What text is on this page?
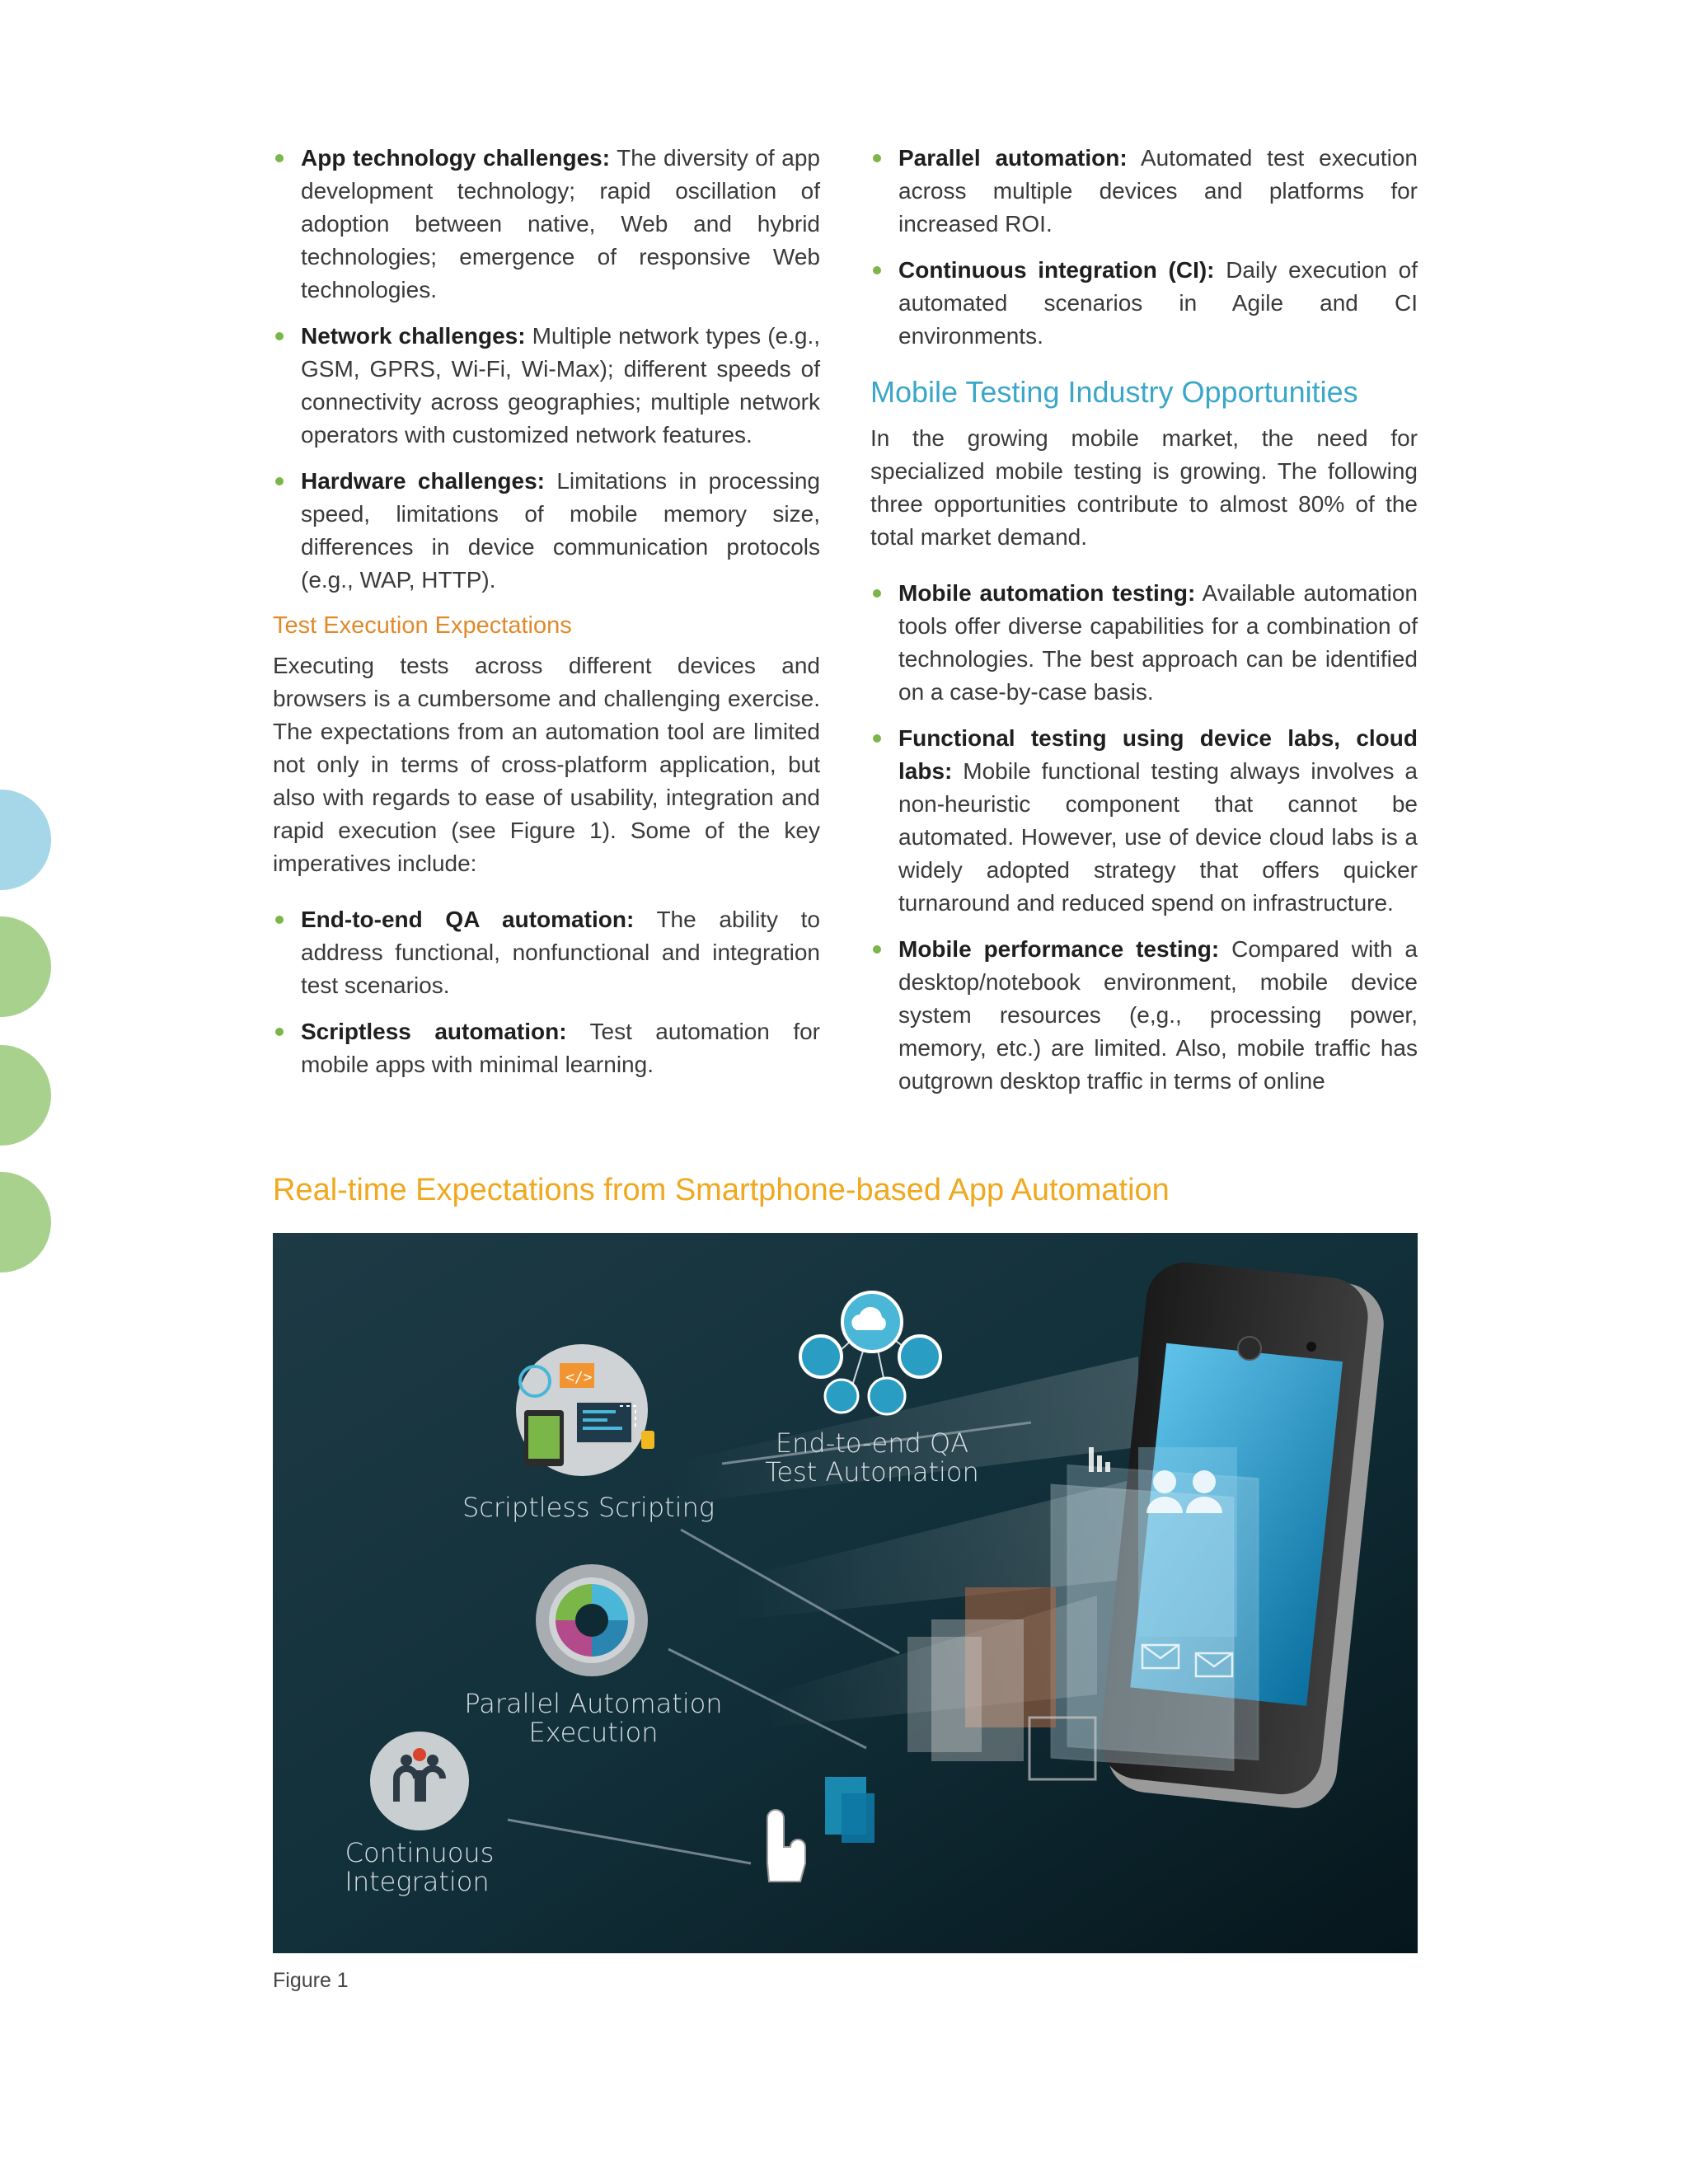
App technology challenges: The diversity of app development technology; rapid oscillation of adoption between native, Web and hybrid technologies; emergence of responsive Web technologies.
Network challenges: Multiple network types (e.g., GSM, GPRS, Wi-Fi, Wi-Max); different speeds of connectivity across geographies; multiple network operators with customized network features.
Hardware challenges: Limitations in processing speed, limitations of mobile memory size, differences in device communication protocols (e.g., WAP, HTTP).
Test Execution Expectations

Executing tests across different devices and browsers is a cumbersome and challenging exercise. The expectations from an automation tool are limited not only in terms of cross-platform application, but also with regards to ease of usability, integration and rapid execution (see Figure 1). Some of the key imperatives include:

End-to-end QA automation: The ability to address functional, nonfunctional and integration test scenarios.
Scriptless automation: Test automation for mobile apps with minimal learning.
Parallel automation: Automated test execution across multiple devices and platforms for increased ROI.
Continuous integration (CI): Daily execution of automated scenarios in Agile and CI environments.
Mobile Testing Industry Opportunities

In the growing mobile market, the need for specialized mobile testing is growing. The following three opportunities contribute to almost 80% of the total market demand.

Mobile automation testing: Available automation tools offer diverse capabilities for a combination of technologies. The best approach can be identified on a case-by-case basis.
Functional testing using device labs, cloud labs: Mobile functional testing always involves a non-heuristic component that cannot be automated. However, use of device cloud labs is a widely adopted strategy that offers quicker turnaround and reduced spend on infrastructure.
Mobile performance testing: Compared with a desktop/notebook environment, mobile device system resources (e,g., processing power, memory, etc.) are limited. Also, mobile traffic has outgrown desktop traffic in terms of online
Real-time Expectations from Smartphone-based App Automation
</>
Scriptless Scripting
End-to-end QA
Test Automation
Parallel Automation
Execution
Continuous
Integration
Figure 1
